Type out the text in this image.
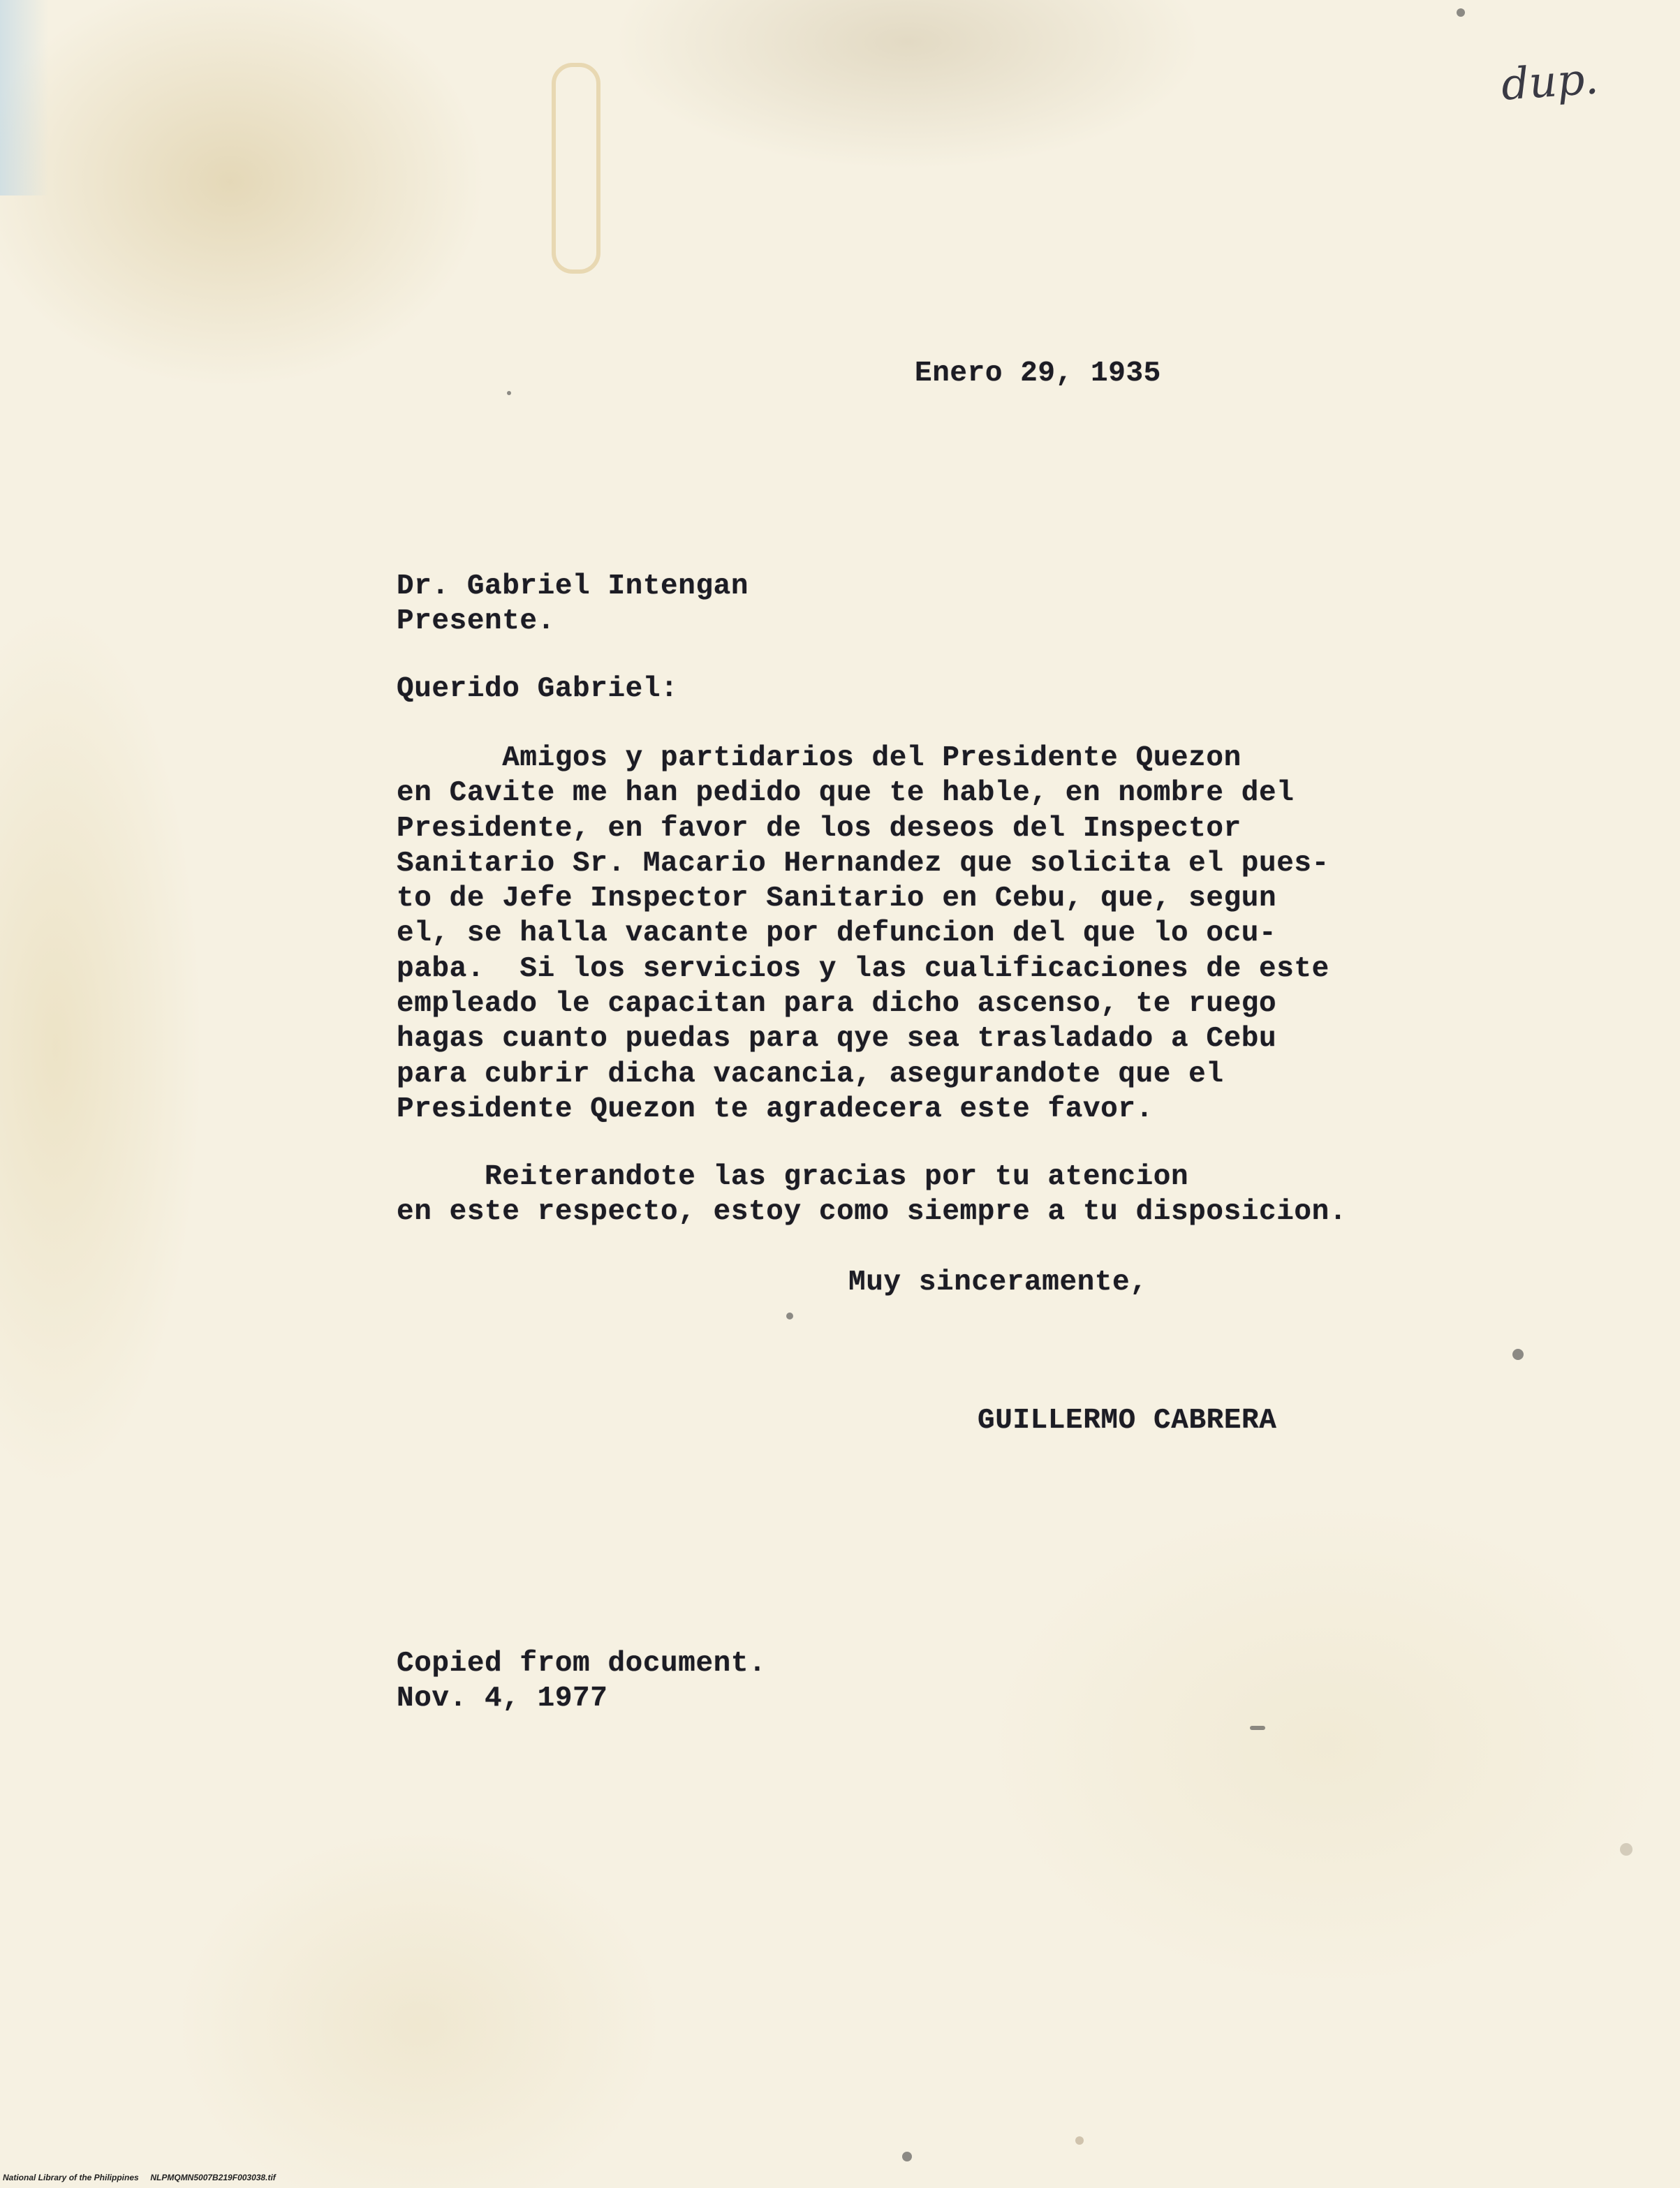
dup.

Enero 29, 1935

Dr. Gabriel Intengan

Presente.

Querido Gabriel:

Amigos y partidarios del Presidente Quezon
en Cavite me han pedido que te hable, en nombre del
Presidente, en favor de los deseos del Inspector
Sanitario Sr. Macario Hernandez que solicita el pues-
to de Jefe Inspector Sanitario en Cebu, que, segun
el, se halla vacante por defuncion del que lo ocu-
paba.  Si los servicios y las cualificaciones de este
empleado le capacitan para dicho ascenso, te ruego
hagas cuanto puedas para qye sea trasladado a Cebu
para cubrir dicha vacancia, asegurandote que el
Presidente Quezon te agradecera este favor.

Reiterandote las gracias por tu atencion
en este respecto, estoy como siempre a tu disposicion.

Muy sinceramente,

GUILLERMO CABRERA

Copied from document.

Nov. 4, 1977

National Library of the Philippines     NLPMQMN5007B219F003038.tif
